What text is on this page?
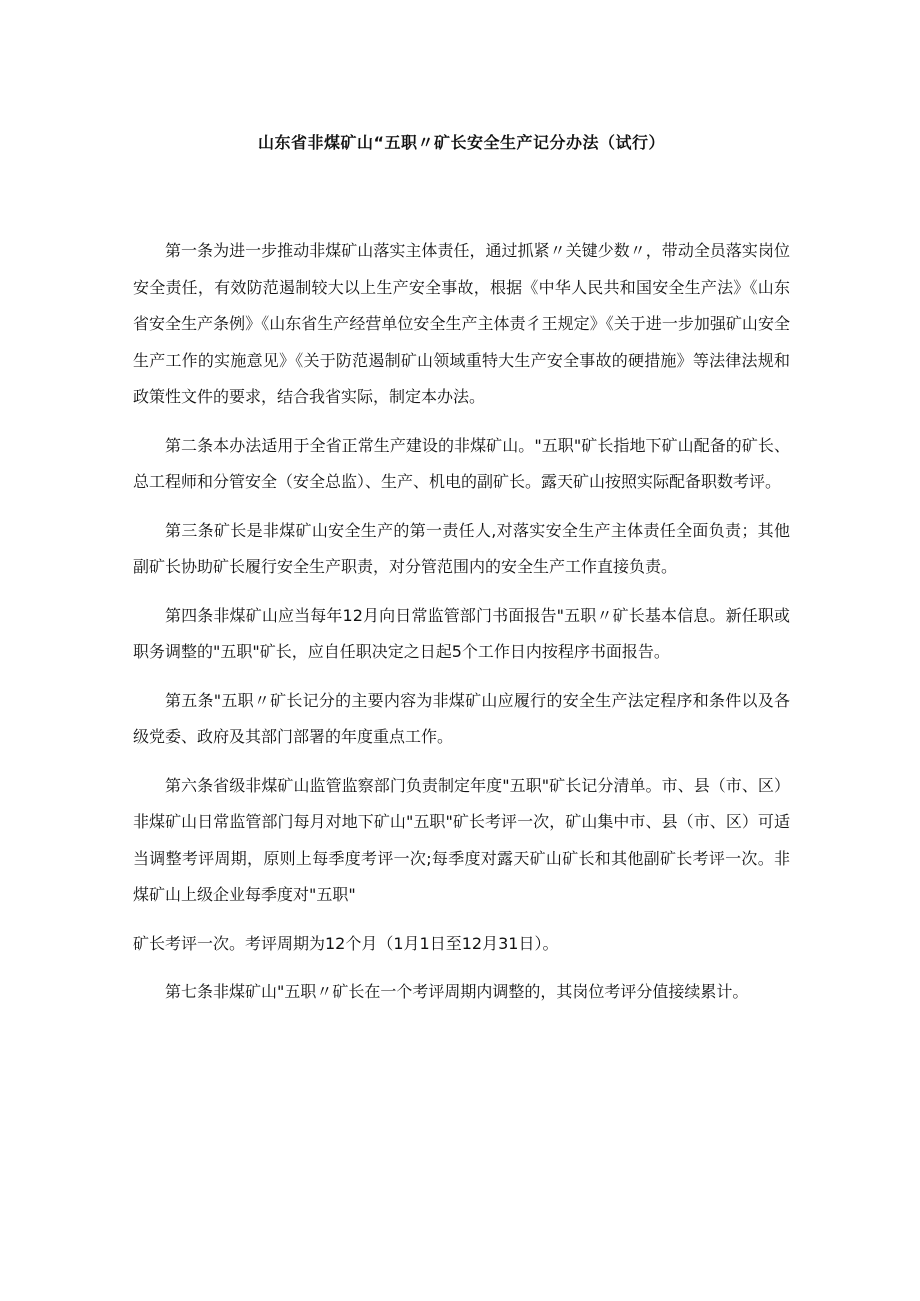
山东省非煤矿山“五职〃矿长安全生产记分办法（试行）

第一条为进一步推动非煤矿山落实主体责任，通过抓紧〃关键少数〃，带动全员落实岗位安全责任，有效防范遏制较大以上生产安全事故，根据《中华人民共和国安全生产法》《山东省安全生产条例》《山东省生产经营单位安全生产主体责彳王规定》《关于进一步加强矿山安全生产工作的实施意见》《关于防范遏制矿山领域重特大生产安全事故的硬措施》等法律法规和政策性文件的要求，结合我省实际，制定本办法。

第二条本办法适用于全省正常生产建设的非煤矿山。"五职"矿长指地下矿山配备的矿长、总工程师和分管安全（安全总监）、生产、机电的副矿长。露天矿山按照实际配备职数考评。

第三条矿长是非煤矿山安全生产的第一责任人,对落实安全生产主体责任全面负责；其他副矿长协助矿长履行安全生产职责，对分管范围内的安全生产工作直接负责。

第四条非煤矿山应当每年12月向日常监管部门书面报告"五职〃矿长基本信息。新任职或职务调整的"五职"矿长，应自任职决定之日起5个工作日内按程序书面报告。

第五条"五职〃矿长记分的主要内容为非煤矿山应履行的安全生产法定程序和条件以及各级党委、政府及其部门部署的年度重点工作。

第六条省级非煤矿山监管监察部门负责制定年度"五职"矿长记分清单。市、县（市、区）非煤矿山日常监管部门每月对地下矿山"五职"矿长考评一次，矿山集中市、县（市、区）可适当调整考评周期，原则上每季度考评一次;每季度对露天矿山矿长和其他副矿长考评一次。非煤矿山上级企业每季度对"五职"

矿长考评一次。考评周期为12个月（1月1日至12月31日）。

第七条非煤矿山"五职〃矿长在一个考评周期内调整的，其岗位考评分值接续累计。
